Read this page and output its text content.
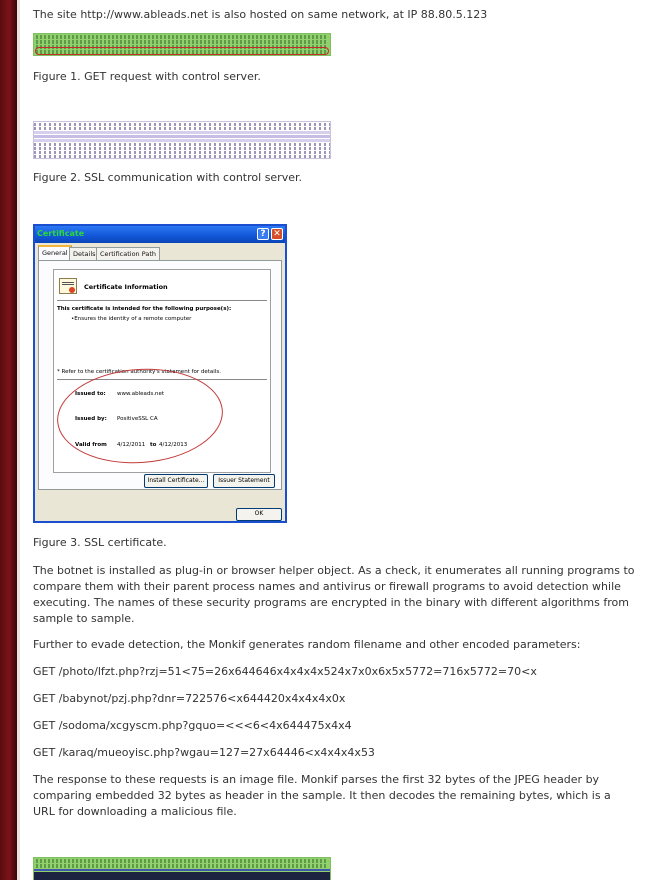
The site http://www.ableads.net is also hosted on same network, at IP 88.80.5.123

Figure 1. GET request with control server.

Figure 2. SSL communication with control server.

Certificate	? ✕
General Details Certification Path
Certificate Information
This certificate is intended for the following purpose(s):
•Ensures the identity of a remote computer
* Refer to the certification authority's statement for details.
Issued to: www.ableads.net
Issued by: PositiveSSL CA
Valid from 4/12/2011 to 4/12/2013
Install Certificate...	Issuer Statement
OK

Figure 3. SSL certificate.

The botnet is installed as plug-in or browser helper object. As a check, it enumerates all running programs to compare them with their parent process names and antivirus or firewall programs to avoid detection while executing. The names of these security programs are encrypted in the binary with different algorithms from sample to sample.

Further to evade detection, the Monkif generates random filename and other encoded parameters:

GET /photo/lfzt.php?rzj=51<75=26x644646x4x4x4x524x7x0x6x5x5772=716x5772=70<x

GET /babynot/pzj.php?dnr=722576<x644420x4x4x4x0x

GET /sodoma/xcgyscm.php?gquo=<<<6<4x644475x4x4

GET /karaq/mueoyisc.php?wgau=127=27x64446<x4x4x4x53

The response to these requests is an image file. Monkif parses the first 32 bytes of the JPEG header by comparing embedded 32 bytes as header in the sample. It then decodes the remaining bytes, which is a URL for downloading a malicious file.
